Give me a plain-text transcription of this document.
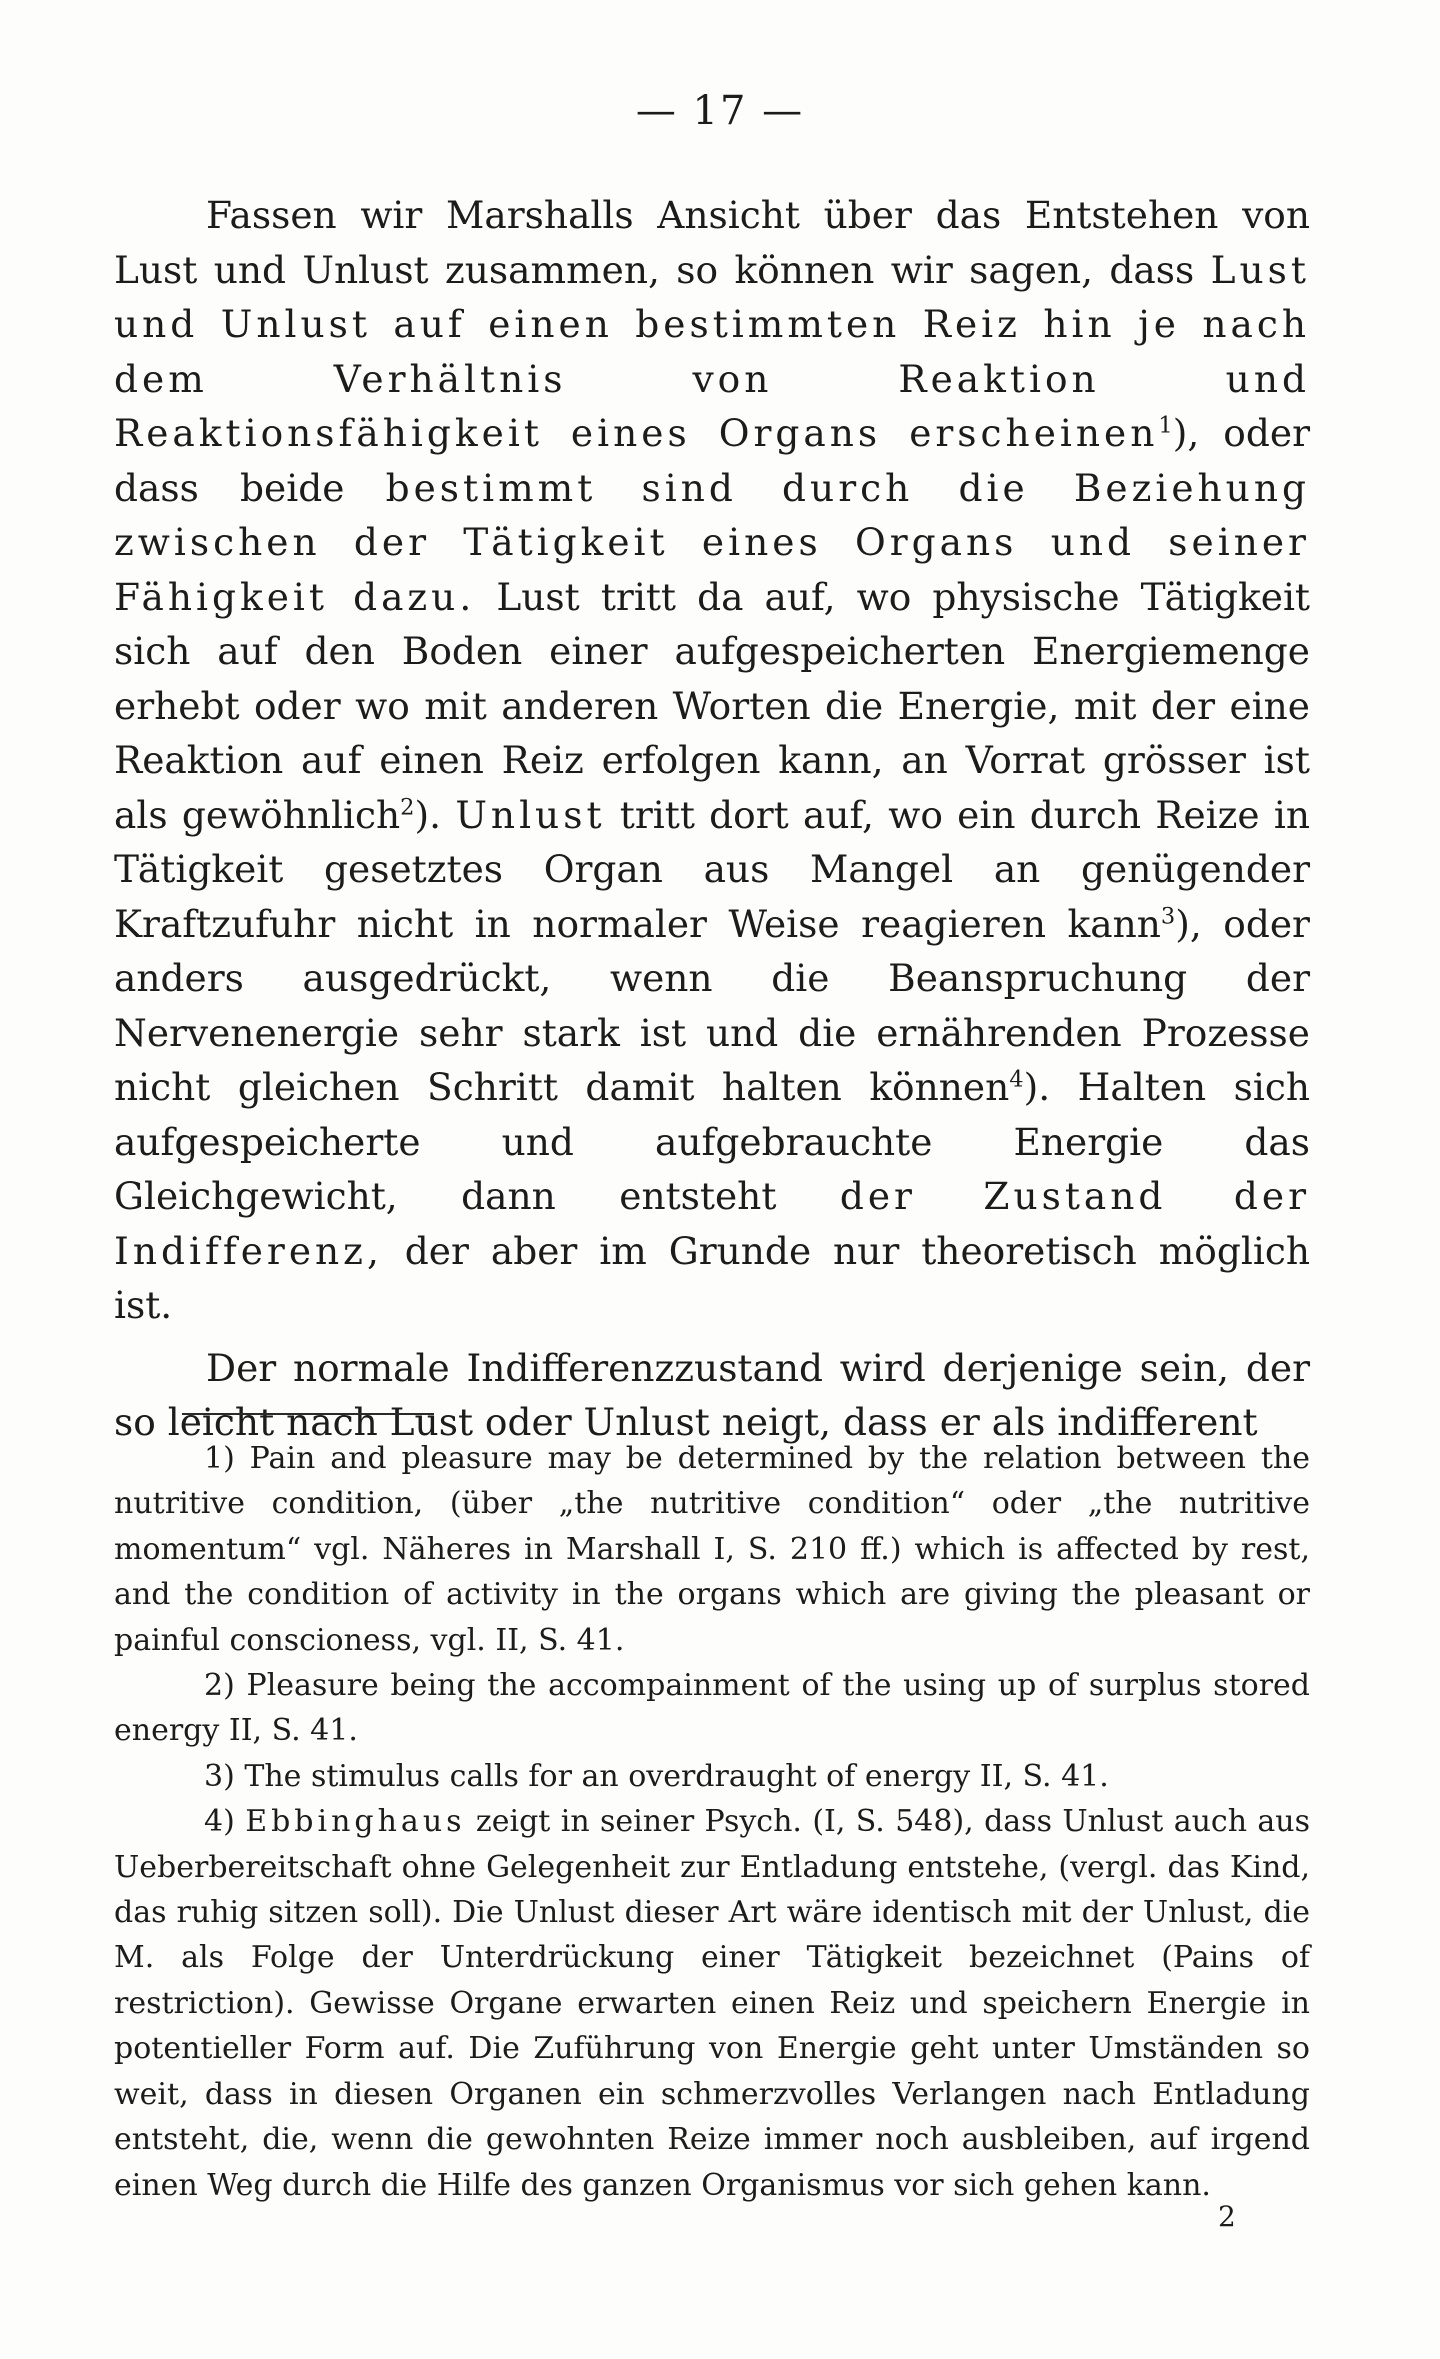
— 17 —

Fassen wir Marshalls Ansicht über das Entstehen von Lust und Unlust zusammen, so können wir sagen, dass Lust und Unlust auf einen bestimmten Reiz hin je nach dem Verhältnis von Reaktion und Reaktionsfähigkeit eines Organs erscheinen$^1$), oder dass beide bestimmt sind durch die Beziehung zwischen der Tätigkeit eines Organs und seiner Fähigkeit dazu. Lust tritt da auf, wo physische Tätigkeit sich auf den Boden einer aufgespeicherten Energiemenge erhebt oder wo mit anderen Worten die Energie, mit der eine Reaktion auf einen Reiz erfolgen kann, an Vorrat grösser ist als gewöhnlich$^2$). Unlust tritt dort auf, wo ein durch Reize in Tätigkeit gesetztes Organ aus Mangel an genügender Kraftzufuhr nicht in normaler Weise reagieren kann$^3$), oder anders ausgedrückt, wenn die Beanspruchung der Nervenenergie sehr stark ist und die ernährenden Prozesse nicht gleichen Schritt damit halten können$^4$). Halten sich aufgespeicherte und aufgebrauchte Energie das Gleichgewicht, dann entsteht der Zustand der Indifferenz, der aber im Grunde nur theoretisch möglich ist.

Der normale Indifferenzzustand wird derjenige sein, der so leicht nach Lust oder Unlust neigt, dass er als indifferent

1) Pain and pleasure may be determined by the relation between the nutritive condition, (über „the nutritive condition“ oder „the nutritive momentum“ vgl. Näheres in Marshall I, S. 210 ff.) which is affected by rest, and the condition of activity in the organs which are giving the pleasant or painful conscioness, vgl. II, S. 41.

2) Pleasure being the accompainment of the using up of surplus stored energy II, S. 41.

3) The stimulus calls for an overdraught of energy II, S. 41.

4) Ebbinghaus zeigt in seiner Psych. (I, S. 548), dass Unlust auch aus Ueberbereitschaft ohne Gelegenheit zur Entladung entstehe, (vergl. das Kind, das ruhig sitzen soll). Die Unlust dieser Art wäre identisch mit der Unlust, die M. als Folge der Unterdrückung einer Tätigkeit bezeichnet (Pains of restriction). Gewisse Organe erwarten einen Reiz und speichern Energie in potentieller Form auf. Die Zuführung von Energie geht unter Umständen so weit, dass in diesen Organen ein schmerzvolles Verlangen nach Entladung entsteht, die, wenn die gewohnten Reize immer noch ausbleiben, auf irgend einen Weg durch die Hilfe des ganzen Organismus vor sich gehen kann.

2
